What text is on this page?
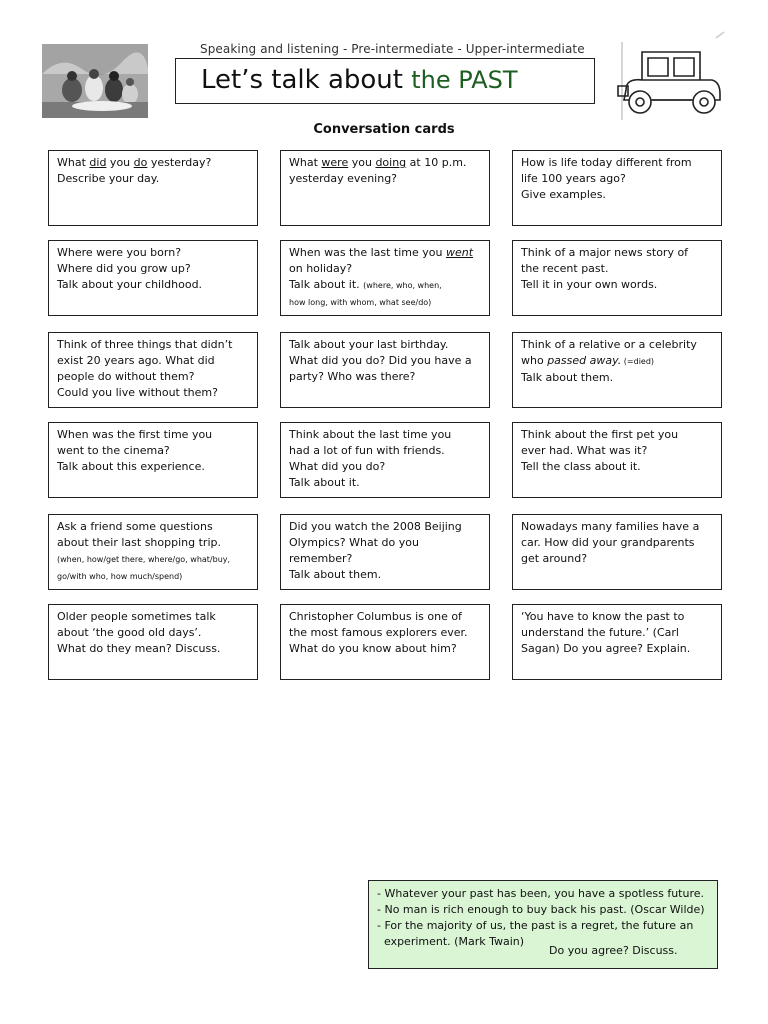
Speaking and listening - Pre-intermediate - Upper-intermediate
Let’s talk about the PAST
Conversation cards

What did you do yesterday?

Describe your day.

What were you doing at 10 p.m.

yesterday evening?

How is life today different from

life 100 years ago?

Give examples.

Where were you born?

Where did you grow up?

Talk about your childhood.

When was the last time you went

on holiday?

Talk about it. (where, who, when,

how long, with whom, what see/do)

Think of a major news story of

the recent past.

Tell it in your own words.

Think of three things that didn’t

exist 20 years ago. What did

people do without them?

Could you live without them?

Talk about your last birthday.

What did you do? Did you have a

party? Who was there?

Think of a relative or a celebrity

who passed away. (=died)

Talk about them.

When was the first time you

went to the cinema?

Talk about this experience.

Think about the last time you

had a lot of fun with friends.

What did you do?

Talk about it.

Think about the first pet you

ever had. What was it?

Tell the class about it.

Ask a friend some questions

about their last shopping trip.

(when, how/get there, where/go, what/buy,

go/with who, how much/spend)

Did you watch the 2008 Beijing

Olympics? What do you

remember?

Talk about them.

Nowadays many families have a

car. How did your grandparents

get around?

Older people sometimes talk

about ‘the good old days’.

What do they mean? Discuss.

Christopher Columbus is one of

the most famous explorers ever.

What do you know about him?

‘You have to know the past to

understand the future.’ (Carl

Sagan) Do you agree? Explain.

- Whatever your past has been, you have a spotless future.

- No man is rich enough to buy back his past. (Oscar Wilde)

- For the majority of us, the past is a regret, the future an

experiment. (Mark Twain)

Do you agree? Discuss.
